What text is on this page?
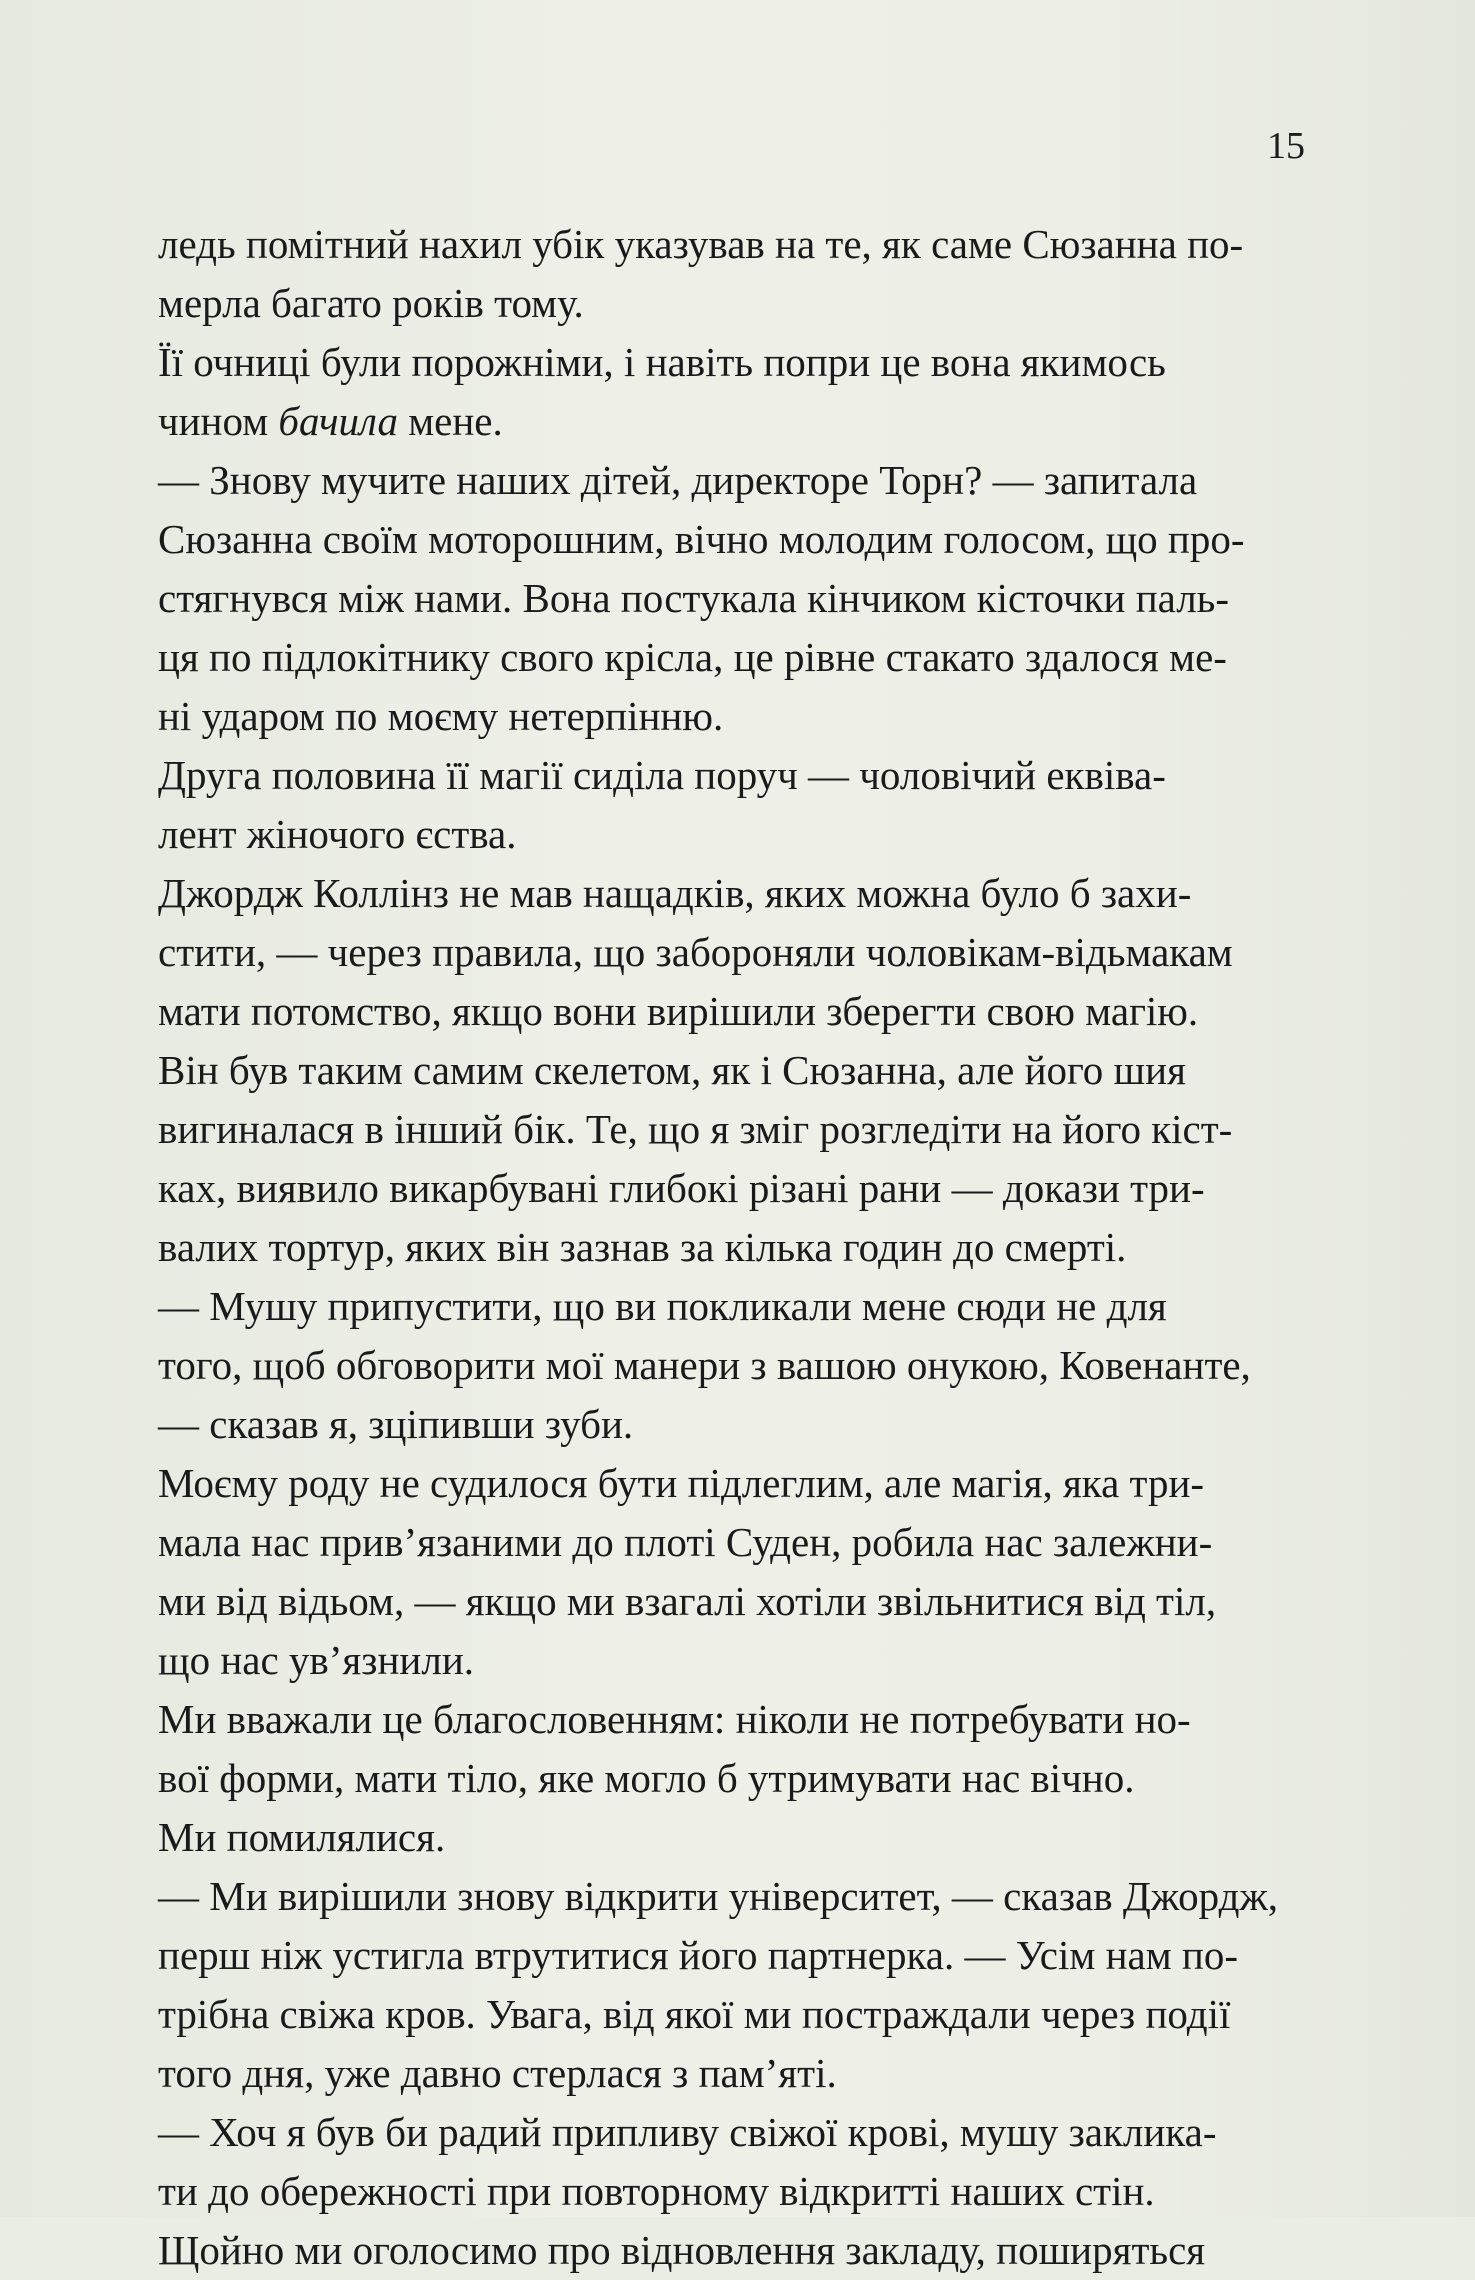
15

ледь помітний нахил убік указував на те, як саме Сюзанна по-
мерла багато років тому.

Її очниці були порожніми, і навіть попри це вона якимось
чином бачила мене.

— Знову мучите наших дітей, директоре Торн? — запитала
Сюзанна своїм моторошним, вічно молодим голосом, що про-
стягнувся між нами. Вона постукала кінчиком кісточки паль-
ця по підлокітнику свого крісла, це рівне стакато здалося ме-
ні ударом по моєму нетерпінню.

Друга половина її магії сиділа поруч — чоловічий еквіва-
лент жіночого єства.

Джордж Коллінз не мав нащадків, яких можна було б захи-
стити, — через правила, що забороняли чоловікам-відьмакам
мати потомство, якщо вони вирішили зберегти свою магію.

Він був таким самим скелетом, як і Сюзанна, але його шия
вигиналася в інший бік. Те, що я зміг розгледіти на його кіст-
ках, виявило викарбувані глибокі різані рани — докази три-
валих тортур, яких він зазнав за кілька годин до смерті.

— Мушу припустити, що ви покликали мене сюди не для
того, щоб обговорити мої манери з вашою онукою, Ковенанте,
— сказав я, зціпивши зуби.

Моєму роду не судилося бути підлеглим, але магія, яка три-
мала нас прив’язаними до плоті Суден, робила нас залежни-
ми від відьом, — якщо ми взагалі хотіли звільнитися від тіл,
що нас ув’язнили.

Ми вважали це благословенням: ніколи не потребувати но-
вої форми, мати тіло, яке могло б утримувати нас вічно.

Ми помилялися.

— Ми вирішили знову відкрити університет, — сказав Джордж,
перш ніж устигла втрутитися його партнерка. — Усім нам по-
трібна свіжа кров. Увага, від якої ми постраждали через події
того дня, уже давно стерлася з пам’яті.

— Хоч я був би радий припливу свіжої крові, мушу заклика-
ти до обережності при повторному відкритті наших стін.
Щойно ми оголосимо про відновлення закладу, поширяться
